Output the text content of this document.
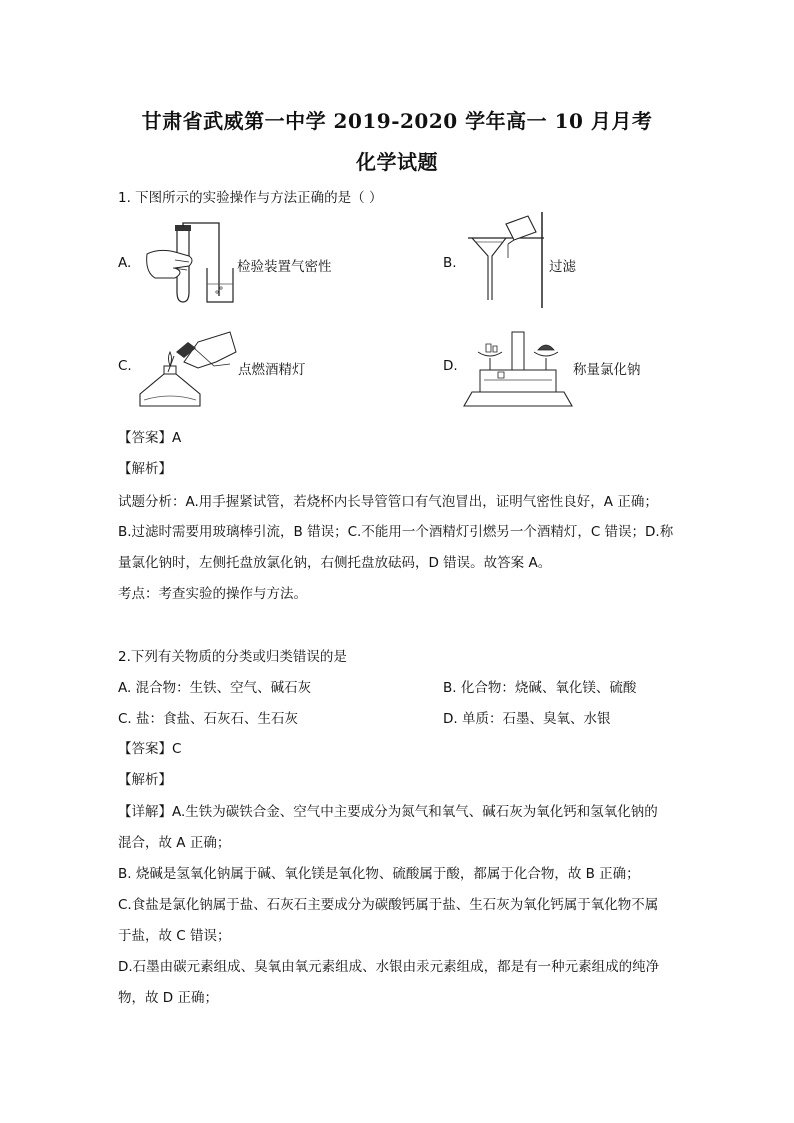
甘肃省武威第一中学 2019-2020 学年高一 10 月月考
化学试题
1. 下图所示的实验操作与方法正确的是（ ）
A.	检验装置气密性	B.	过滤
C.	点燃酒精灯	D.	称量氯化钠
【答案】A
【解析】
试题分析：A.用手握紧试管，若烧杯内长导管管口有气泡冒出，证明气密性良好，A 正确；
B.过滤时需要用玻璃棒引流，B 错误；C.不能用一个酒精灯引燃另一个酒精灯，C 错误；D.称
量氯化钠时，左侧托盘放氯化钠，右侧托盘放砝码，D 错误。故答案 A。
考点：考查实验的操作与方法。
2.下列有关物质的分类或归类错误的是
A. 混合物：生铁、空气、碱石灰	B. 化合物：烧碱、氧化镁、硫酸
C. 盐：食盐、石灰石、生石灰	D. 单质：石墨、臭氧、水银
【答案】C
【解析】
【详解】A.生铁为碳铁合金、空气中主要成分为氮气和氧气、碱石灰为氧化钙和氢氧化钠的
混合，故 A 正确；
B. 烧碱是氢氧化钠属于碱、氧化镁是氧化物、硫酸属于酸，都属于化合物，故 B 正确；
C.食盐是氯化钠属于盐、石灰石主要成分为碳酸钙属于盐、生石灰为氧化钙属于氧化物不属
于盐，故 C 错误；
D.石墨由碳元素组成、臭氧由氧元素组成、水银由汞元素组成，都是有一种元素组成的纯净
物，故 D 正确；
